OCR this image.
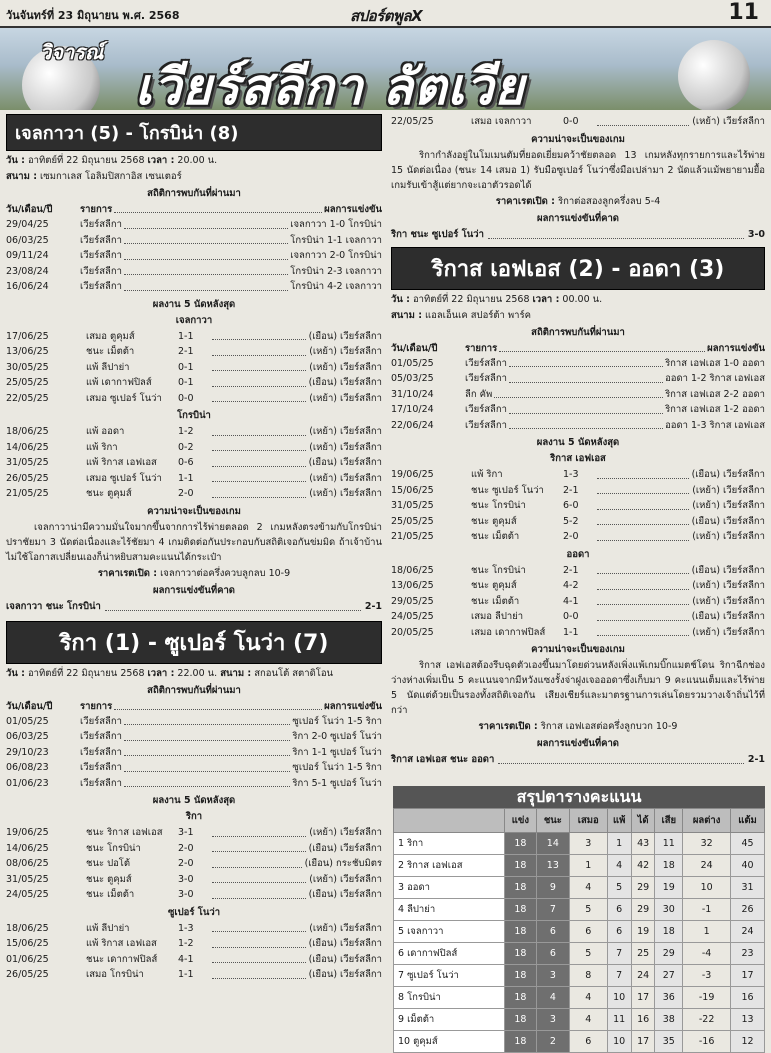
วันจันทร์ที่ 23 มิถุนายน พ.ศ. 2568	สปอร์ตพูลX	11
วิจารณ์
เวียร์สลีกา ลัตเวีย
เจลกาวา (5) - โกรบิน่า (8)
วัน : อาทิตย์ที่ 22 มิถุนายน 2568 เวลา : 20.00 น.
สนาม : เซมกาเลส โอลิมปิสกาอิส เซนเตอร์
สถิติการพบกันที่ผ่านมา
วัน/เดือน/ปี	รายการ	ผลการแข่งขัน
29/04/25	เวียร์สลีกา	เจลกาวา 1-0 โกรบิน่า
06/03/25	เวียร์สลีกา	โกรบิน่า 1-1 เจลกาวา
09/11/24	เวียร์สลีกา	เจลกาวา 2-0 โกรบิน่า
23/08/24	เวียร์สลีกา	โกรบิน่า 2-3 เจลกาวา
16/06/24	เวียร์สลีกา	โกรบิน่า 4-2 เจลกาวา
ผลงาน 5 นัดหลังสุด
เจลกาวา
17/06/25	เสมอ ตูคุมส์	1-1	(เยือน) เวียร์สลีกา
13/06/25	ชนะ เม็ตต้า	2-1	(เหย้า) เวียร์สลีกา
30/05/25	แพ้ ลีปาย่า	0-1	(เหย้า) เวียร์สลีกา
25/05/25	แพ้ เดากาฟปิลส์	0-1	(เยือน) เวียร์สลีกา
22/05/25	เสมอ ซูเปอร์ โนว่า	0-0	(เหย้า) เวียร์สลีกา
โกรบิน่า
18/06/25	แพ้ ออดา	1-2	(เหย้า) เวียร์สลีกา
14/06/25	แพ้ ริกา	0-2	(เหย้า) เวียร์สลีกา
31/05/25	แพ้ ริกาส เอฟเอส	0-6	(เยือน) เวียร์สลีกา
26/05/25	เสมอ ซูเปอร์ โนว่า	1-1	(เหย้า) เวียร์สลีกา
21/05/25	ชนะ ตูคุมส์	2-0	(เหย้า) เวียร์สลีกา
ความน่าจะเป็นของเกม
เจลกาวาน่ามีความมั่นใจมากขึ้นจากการไร้พ่ายตลอด 2 เกมหลังตรงข้ามกับโกรบิน่าปราชัยมา 3 นัดต่อเนื่องและไร้ชัยมา 4 เกมติดต่อกันประกอบกับสถิติเจอกันข่มมิด ถ้าเจ้าบ้านไม่ใช้โอกาสเปลี่ยนเองก็น่าหยิบสามคะแนนได้กระเป๋า
ราคาเรตเปิด : เจลกาวาต่อครึ่งควบลูกลบ 10-9
ผลการแข่งขันที่คาด
เจลกาวา ชนะ โกรบิน่า	2-1
ริกา (1) - ซูเปอร์ โนว่า (7)
วัน : อาทิตย์ที่ 22 มิถุนายน 2568 เวลา : 22.00 น. สนาม : สกอนโต้ สตาดิโอน
สถิติการพบกันที่ผ่านมา
วัน/เดือน/ปี	รายการ	ผลการแข่งขัน
01/05/25	เวียร์สลีกา	ซูเปอร์ โนว่า 1-5 ริกา
06/03/25	เวียร์สลีกา	ริกา 2-0 ซูเปอร์ โนว่า
29/10/23	เวียร์สลีกา	ริกา 1-1 ซูเปอร์ โนว่า
06/08/23	เวียร์สลีกา	ซูเปอร์ โนว่า 1-5 ริกา
01/06/23	เวียร์สลีกา	ริกา 5-1 ซูเปอร์ โนว่า
ผลงาน 5 นัดหลังสุด
ริกา
19/06/25	ชนะ ริกาส เอฟเอส	3-1	(เหย้า) เวียร์สลีกา
14/06/25	ชนะ โกรบิน่า	2-0	(เยือน) เวียร์สลีกา
08/06/25	ชนะ ปอโต้	2-0	(เยือน) กระชับมิตร
31/05/25	ชนะ ตูคุมส์	3-0	(เหย้า) เวียร์สลีกา
24/05/25	ชนะ เม็ตต้า	3-0	(เยือน) เวียร์สลีกา
ซูเปอร์ โนว่า
18/06/25	แพ้ ลีปาย่า	1-3	(เหย้า) เวียร์สลีกา
15/06/25	แพ้ ริกาส เอฟเอส	1-2	(เยือน) เวียร์สลีกา
01/06/25	ชนะ เดากาฟปิลส์	4-1	(เยือน) เวียร์สลีกา
26/05/25	เสมอ โกรบิน่า	1-1	(เยือน) เวียร์สลีกา
22/05/25	เสมอ เจลกาวา	0-0	(เหย้า) เวียร์สลีกา
ความน่าจะเป็นของเกม
ริกากำลังอยู่ในโมเมนตัมที่ยอดเยี่ยมคว้าชัยตลอด 13 เกมหลังทุกรายการและไร้พ่าย 15 นัดต่อเนื่อง (ชนะ 14 เสมอ 1) รับมือซูเปอร์ โนว่าซึ่งมือเปล่ามา 2 นัดแล้วแม้พยายามยื้อเกมรับเข้าสู้แต่ยากจะเอาตัวรอดได้
ราคาเรตเปิด : ริกาต่อสองลูกครึ่งลบ 5-4
ผลการแข่งขันที่คาด
ริกา ชนะ ซูเปอร์ โนว่า	3-0
ริกาส เอฟเอส (2) - ออดา (3)
วัน : อาทิตย์ที่ 22 มิถุนายน 2568 เวลา : 00.00 น.
สนาม : แอลเอ็นเค สปอร์ต้า พาร์ค
สถิติการพบกันที่ผ่านมา
วัน/เดือน/ปี	รายการ	ผลการแข่งขัน
01/05/25	เวียร์สลีกา	ริกาส เอฟเอส 1-0 ออดา
05/03/25	เวียร์สลีกา	ออดา 1-2 ริกาส เอฟเอส
31/10/24	ลีก คัพ	ริกาส เอฟเอส 2-2 ออดา
17/10/24	เวียร์สลีกา	ริกาส เอฟเอส 1-2 ออดา
22/06/24	เวียร์สลีกา	ออดา 1-3 ริกาส เอฟเอส
ผลงาน 5 นัดหลังสุด
ริกาส เอฟเอส
19/06/25	แพ้ ริกา	1-3	(เยือน) เวียร์สลีกา
15/06/25	ชนะ ซูเปอร์ โนว่า	2-1	(เหย้า) เวียร์สลีกา
31/05/25	ชนะ โกรบิน่า	6-0	(เหย้า) เวียร์สลีกา
25/05/25	ชนะ ตูคุมส์	5-2	(เยือน) เวียร์สลีกา
21/05/25	ชนะ เม็ตต้า	2-0	(เหย้า) เวียร์สลีกา
ออดา
18/06/25	ชนะ โกรบิน่า	2-1	(เยือน) เวียร์สลีกา
13/06/25	ชนะ ตูคุมส์	4-2	(เหย้า) เวียร์สลีกา
29/05/25	ชนะ เม็ตต้า	4-1	(เหย้า) เวียร์สลีกา
24/05/25	เสมอ ลีปาย่า	0-0	(เยือน) เวียร์สลีกา
20/05/25	เสมอ เดากาฟปิลส์	1-1	(เหย้า) เวียร์สลีกา
ความน่าจะเป็นของเกม
ริกาส เอฟเอสต้องรีบฉุดตัวเองขึ้นมาโดยด่วนหลังเพิ่งแพ้เกมบิ๊กแมตช์โดน ริกาฉีกช่องว่างห่างเพิ่มเป็น 5 คะแนนจากมีหวังแซงรั้งจ่าฝูงเจอออดาซึ่งเก็บมา 9 คะแนนเต็มและไร้พ่าย 5 นัดแต่ด้วยเป็นรองทั้งสถิติเจอกัน เสียงเชียร์และมาตรฐานการเล่นโดยรวมวางเจ้าถิ่นไว้ที่กว่า
ราคาเรตเปิด : ริกาส เอฟเอสต่อครึ่งลูกบวก 10-9
ผลการแข่งขันที่คาด
ริกาส เอฟเอส ชนะ ออดา	2-1
สรุปตารางคะแนน
	แข่ง	ชนะ	เสมอ	แพ้	ได้	เสีย	ผลต่าง	แต้ม
1 ริกา	18	14	3	1	43	11	32	45
2 ริกาส เอฟเอส	18	13	1	4	42	18	24	40
3 ออดา	18	9	4	5	29	19	10	31
4 ลีปาย่า	18	7	5	6	29	30	-1	26
5 เจลกาวา	18	6	6	6	19	18	1	24
6 เดากาฟปิลส์	18	6	5	7	25	29	-4	23
7 ซูเปอร์ โนว่า	18	3	8	7	24	27	-3	17
8 โกรบิน่า	18	4	4	10	17	36	-19	16
9 เม็ตต้า	18	3	4	11	16	38	-22	13
10 ตูคุมส์	18	2	6	10	17	35	-16	12
